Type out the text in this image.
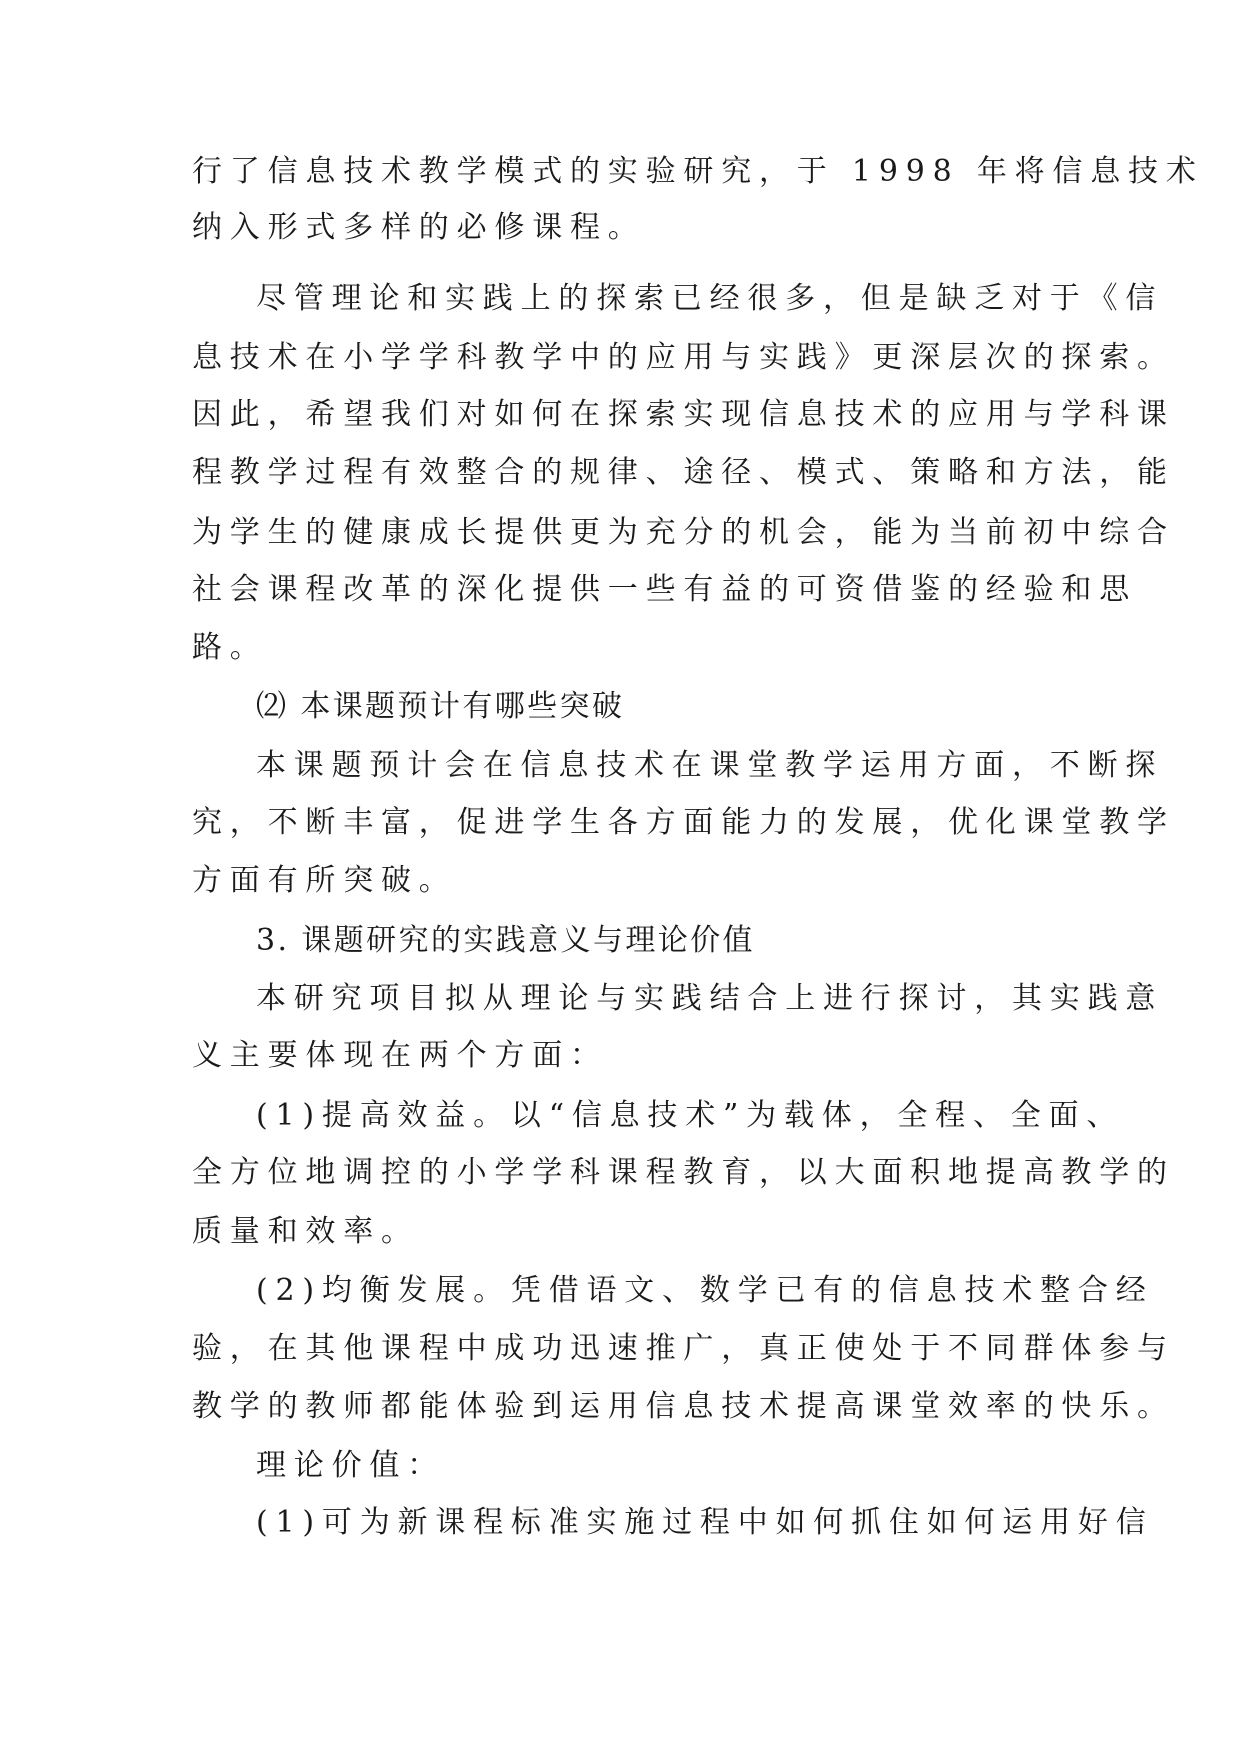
行了信息技术教学模式的实验研究，于 1998 年将信息技术
纳入形式多样的必修课程。
尽管理论和实践上的探索已经很多，但是缺乏对于《信
息技术在小学学科教学中的应用与实践》更深层次的探索。
因此，希望我们对如何在探索实现信息技术的应用与学科课
程教学过程有效整合的规律、途径、模式、策略和方法，能
为学生的健康成长提供更为充分的机会，能为当前初中综合
社会课程改革的深化提供一些有益的可资借鉴的经验和思
路。
⑵ 本课题预计有哪些突破
本课题预计会在信息技术在课堂教学运用方面，不断探
究，不断丰富，促进学生各方面能力的发展，优化课堂教学
方面有所突破。
3. 课题研究的实践意义与理论价值
本研究项目拟从理论与实践结合上进行探讨，其实践意
义主要体现在两个方面：
(1)提高效益。以“信息技术”为载体，全程、全面、
全方位地调控的小学学科课程教育，以大面积地提高教学的
质量和效率。
(2)均衡发展。凭借语文、数学已有的信息技术整合经
验，在其他课程中成功迅速推广，真正使处于不同群体参与
教学的教师都能体验到运用信息技术提高课堂效率的快乐。
理论价值：
(1)可为新课程标准实施过程中如何抓住如何运用好信
